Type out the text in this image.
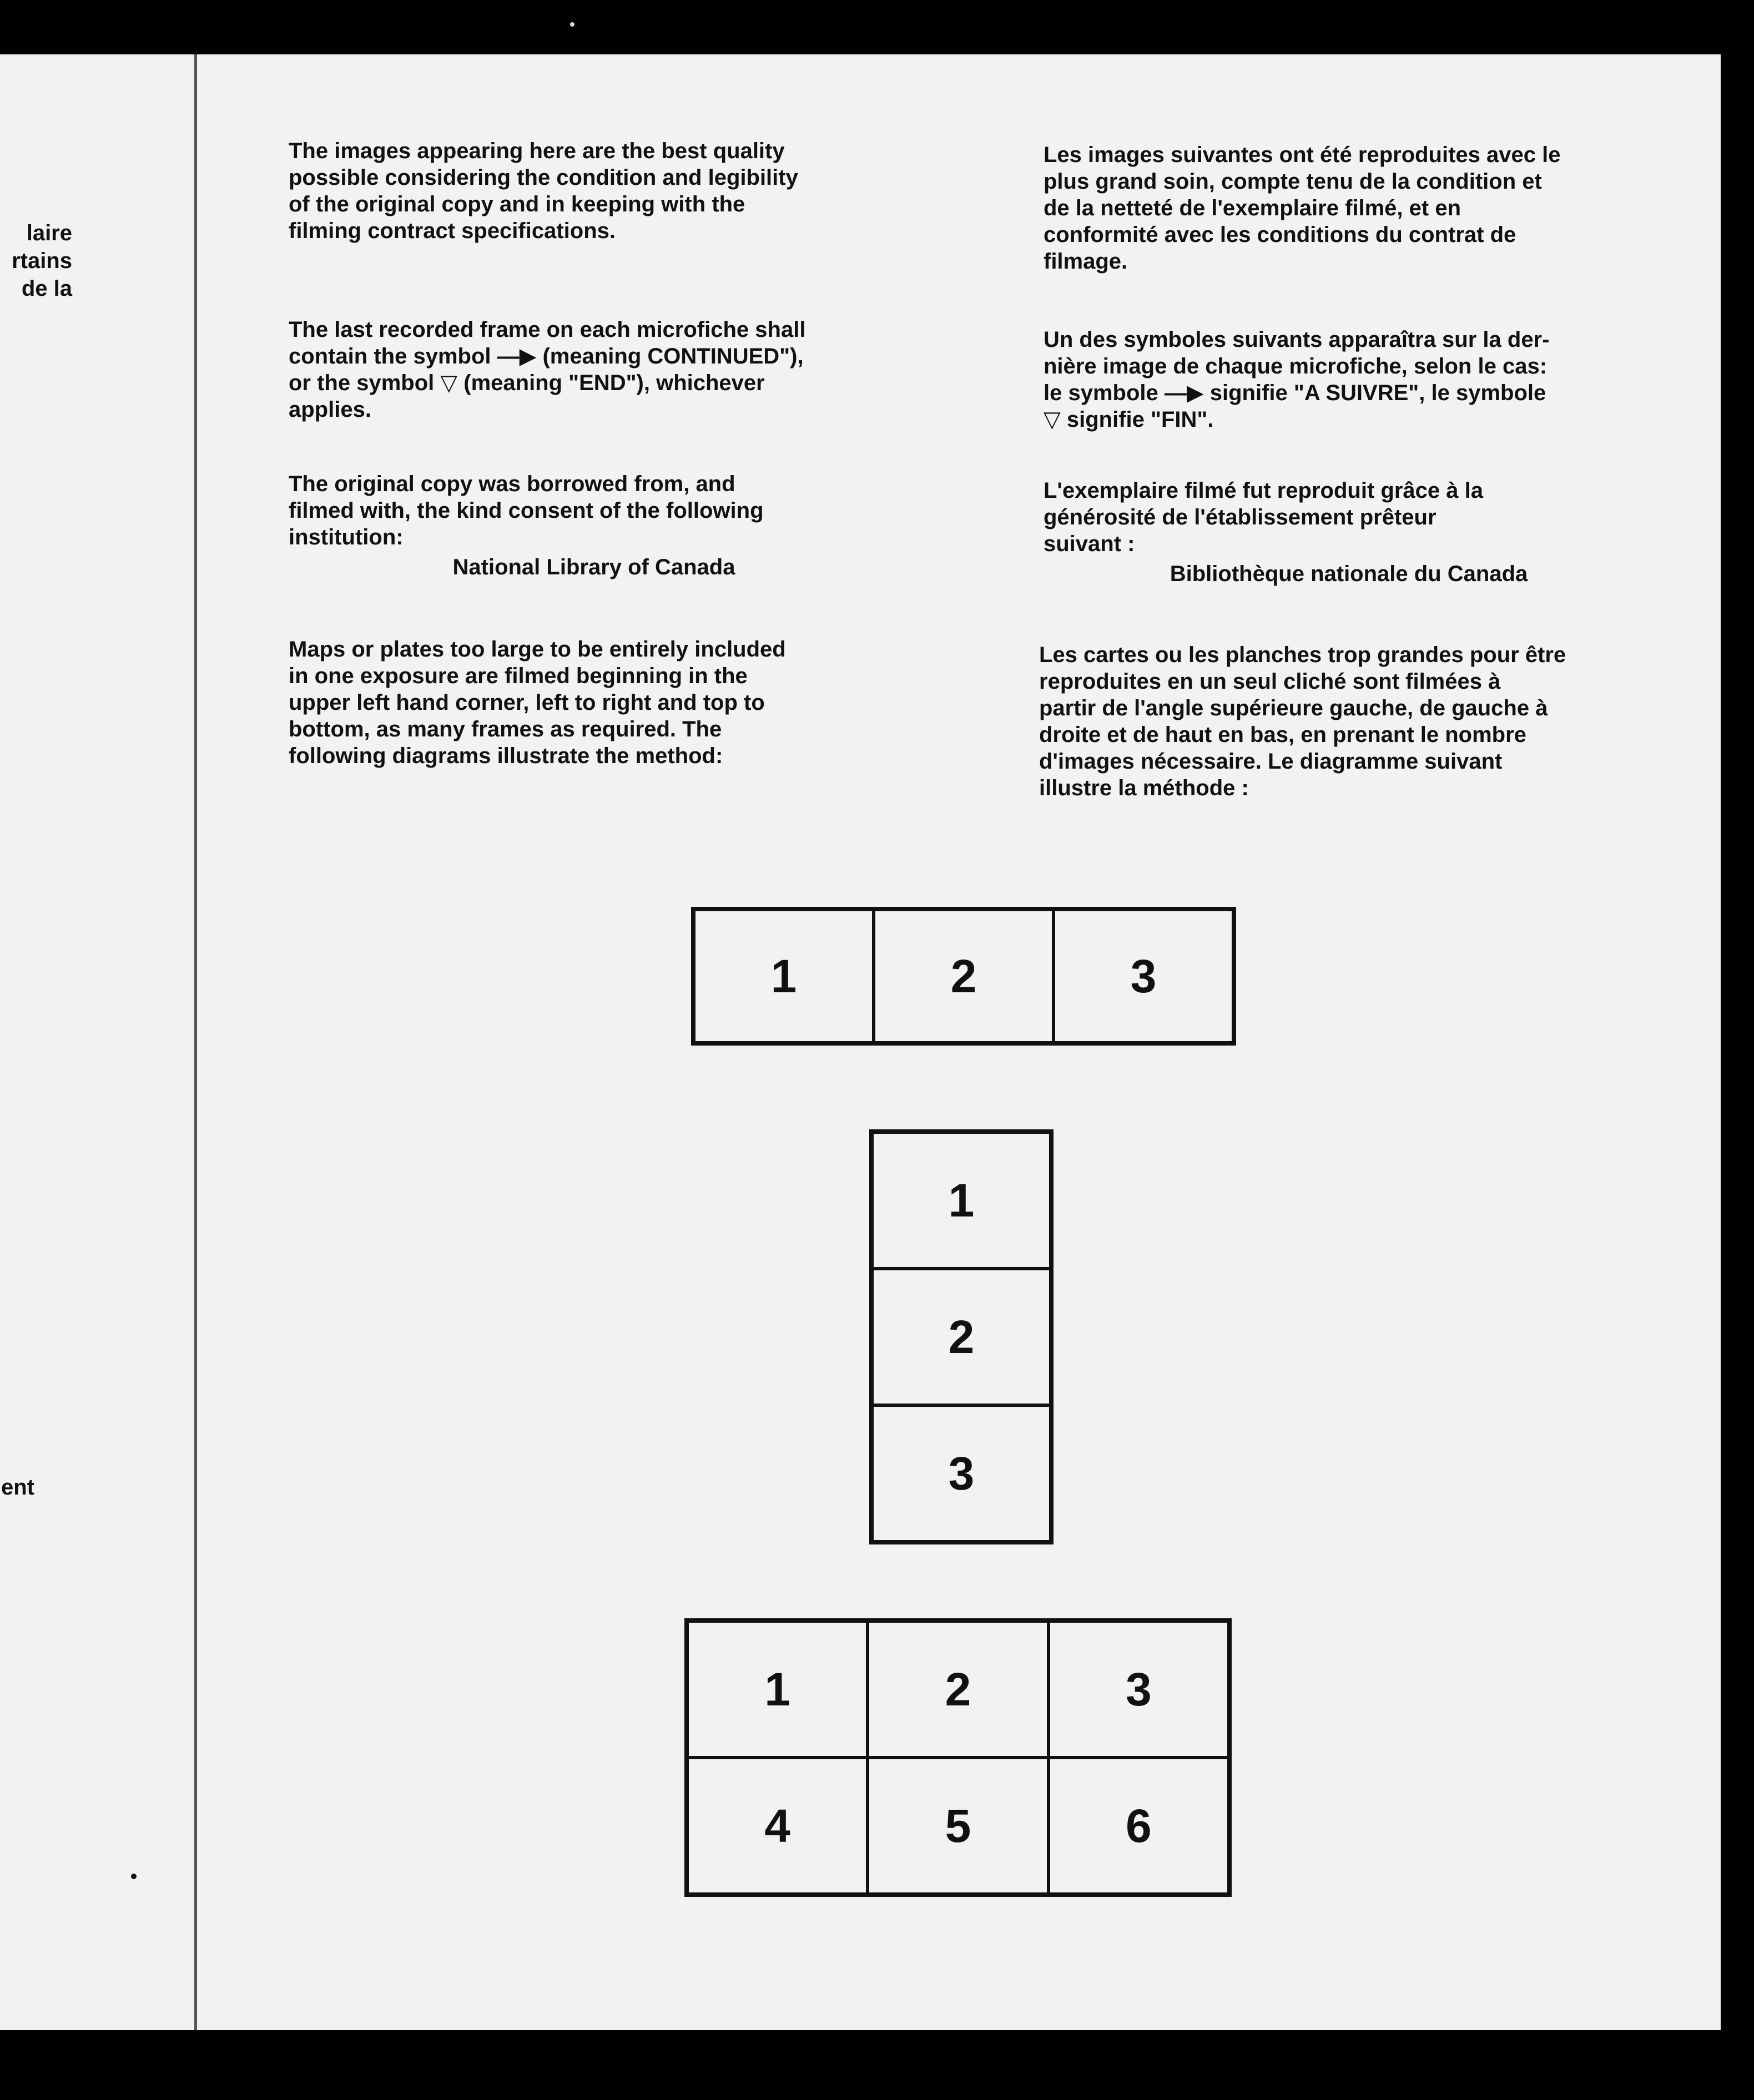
laire
rtains
de la
ent

The images appearing here are the best quality
possible considering the condition and legibility
of the original copy and in keeping with the
filming contract specifications.

The last recorded frame on each microfiche shall
contain the symbol —▶ (meaning CONTINUED"),
or the symbol ▽ (meaning "END"), whichever
applies.

The original copy was borrowed from, and
filmed with, the kind consent of the following
institution:

National Library of Canada

Maps or plates too large to be entirely included
in one exposure are filmed beginning in the
upper left hand corner, left to right and top to
bottom, as many frames as required. The
following diagrams illustrate the method:

Les images suivantes ont été reproduites avec le
plus grand soin, compte tenu de la condition et
de la netteté de l'exemplaire filmé, et en
conformité avec les conditions du contrat de
filmage.

Un des symboles suivants apparaîtra sur la der-
nière image de chaque microfiche, selon le cas:
le symbole —▶ signifie "A SUIVRE", le symbole
▽ signifie "FIN".

L'exemplaire filmé fut reproduit grâce à la
générosité de l'établissement prêteur
suivant :

Bibliothèque nationale du Canada

Les cartes ou les planches trop grandes pour être
reproduites en un seul cliché sont filmées à
partir de l'angle supérieure gauche, de gauche à
droite et de haut en bas, en prenant le nombre
d'images nécessaire. Le diagramme suivant
illustre la méthode :

1	2	3
1
2
3
1	2	3
4	5	6
